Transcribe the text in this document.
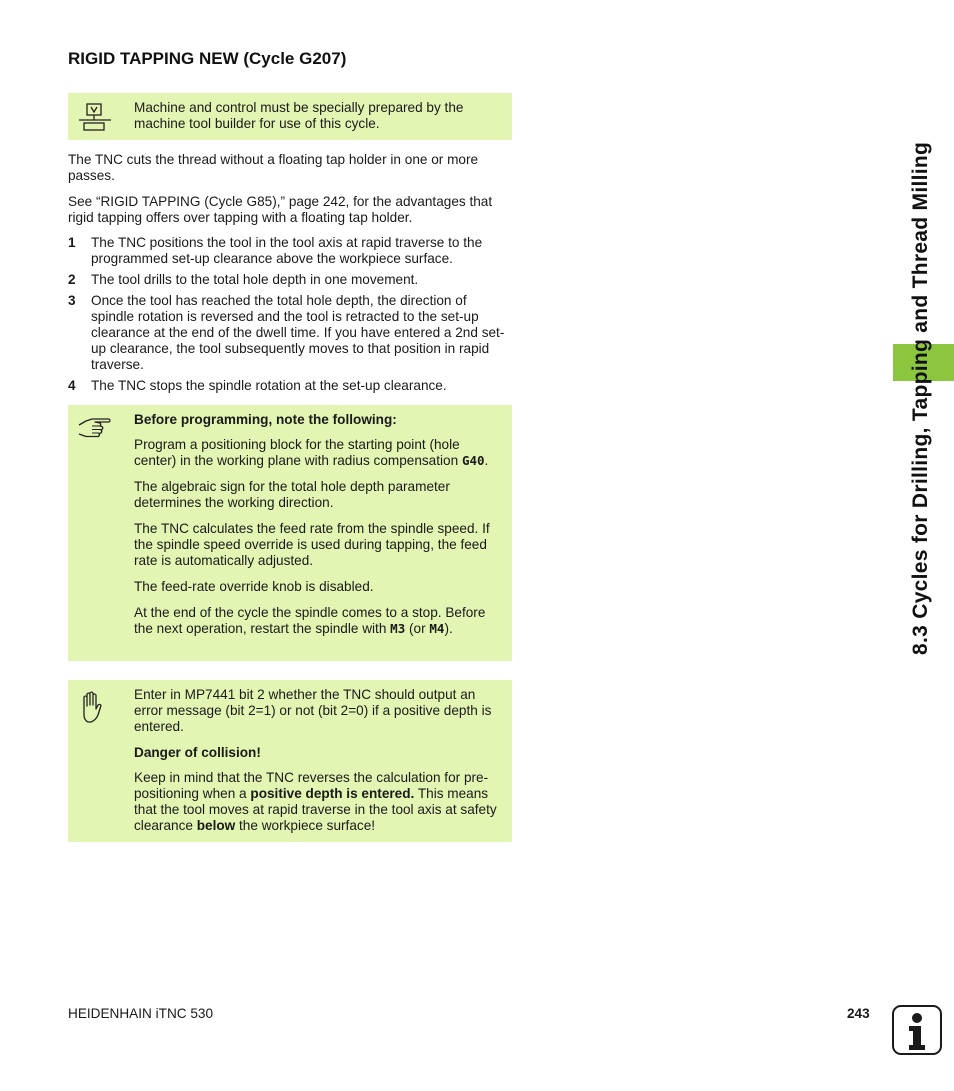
RIGID TAPPING NEW (Cycle G207)

Machine and control must be specially prepared by the machine tool builder for use of this cycle.

The TNC cuts the thread without a floating tap holder in one or more passes.

See “RIGID TAPPING (Cycle G85),” page 242, for the advantages that rigid tapping offers over tapping with a floating tap holder.

1 The TNC positions the tool in the tool axis at rapid traverse to the programmed set-up clearance above the workpiece surface.
2 The tool drills to the total hole depth in one movement.
3 Once the tool has reached the total hole depth, the direction of spindle rotation is reversed and the tool is retracted to the set-up clearance at the end of the dwell time. If you have entered a 2nd set-up clearance, the tool subsequently moves to that position in rapid traverse.
4 The TNC stops the spindle rotation at the set-up clearance.

Before programming, note the following:

Program a positioning block for the starting point (hole center) in the working plane with radius compensation G40.

The algebraic sign for the total hole depth parameter determines the working direction.

The TNC calculates the feed rate from the spindle speed. If the spindle speed override is used during tapping, the feed rate is automatically adjusted.

The feed-rate override knob is disabled.

At the end of the cycle the spindle comes to a stop. Before the next operation, restart the spindle with M3 (or M4).

Enter in MP7441 bit 2 whether the TNC should output an error message (bit 2=1) or not (bit 2=0) if a positive depth is entered.

Danger of collision!

Keep in mind that the TNC reverses the calculation for pre-positioning when a positive depth is entered. This means that the tool moves at rapid traverse in the tool axis at safety clearance below the workpiece surface!

8.3 Cycles for Drilling, Tapping and Thread Milling
HEIDENHAIN iTNC 530	243
